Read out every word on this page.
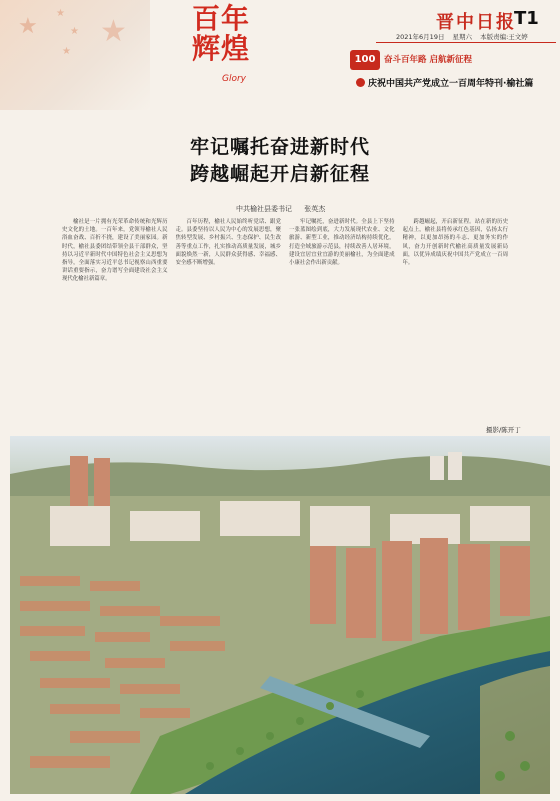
★
★
★
★
★ 百年辉煌
Glory
晋中日报
T1
2021年6月19日 星期六 本版责编:王文婷
100	奋斗百年路 启航新征程
庆祝中国共产党成立一百周年特刊·榆社篇
牢记嘱托奋进新时代
跨越崛起开启新征程
中共榆社县委书记 张英杰
榆社是一片拥有光荣革命传统和光辉历史文化的土地。一百年来，党领导榆社人民浴血奋战、百折不挠，建设了美丽家园。新时代，榆社县委团结带领全县干部群众，坚持以习近平新时代中国特色社会主义思想为指导，全面落实习近平总书记视察山西重要讲话重要指示，奋力谱写全面建设社会主义现代化榆社新篇章。
百年历程，榆社人民始终听党话、跟党走。县委坚持以人民为中心的发展思想，聚焦转型发展、乡村振兴、生态保护、民生改善等重点工作，扎实推动高质量发展，城乡面貌焕然一新，人民群众获得感、幸福感、安全感不断增强。
牢记嘱托，奋进新时代。全县上下坚持一张蓝图绘到底，大力发展现代农业、文化旅游、新型工业，推动经济结构持续优化，打造全域旅游示范县，持续改善人居环境，建设宜居宜业宜游的美丽榆社，为全面建成小康社会作出新贡献。
跨越崛起，开启新征程。站在新的历史起点上，榆社县将传承红色基因，弘扬太行精神，以更加昂扬的斗志、更加务实的作风，奋力开创新时代榆社高质量发展新局面，以优异成绩庆祝中国共产党成立一百周年。
摄影/陈开丁
